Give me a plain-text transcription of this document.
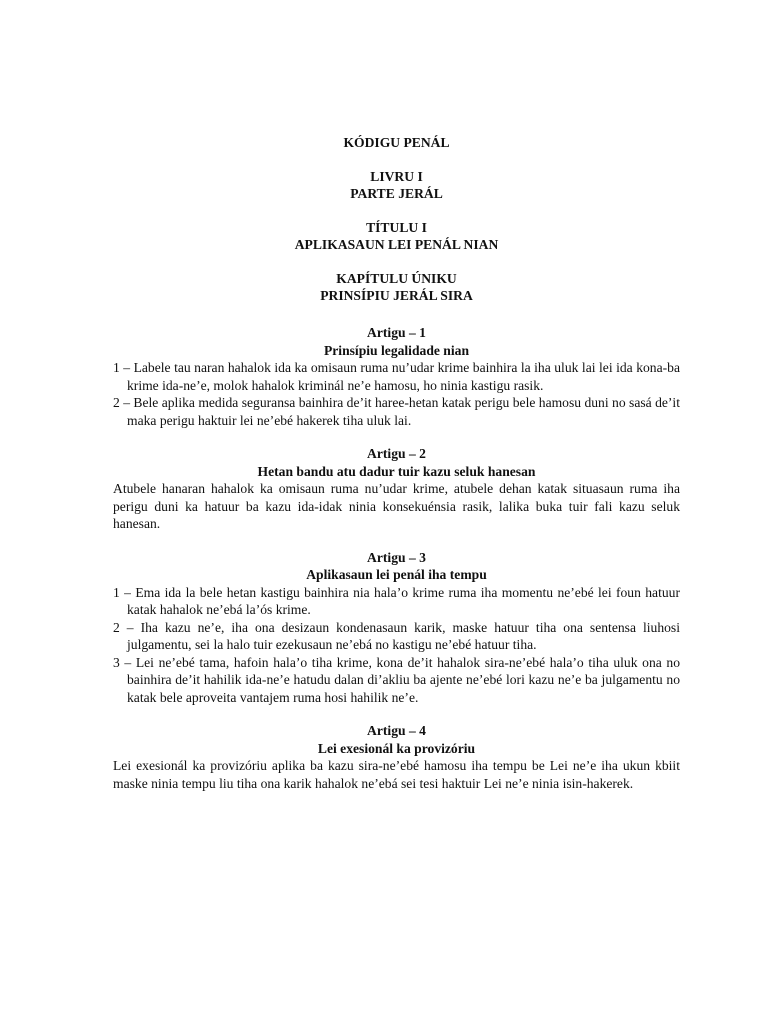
KÓDIGU PENÁL

LIVRU I

PARTE JERÁL

TÍTULU I

APLIKASAUN LEI PENÁL NIAN

KAPÍTULU ÚNIKU

PRINSÍPIU JERÁL SIRA

Artigu – 1

Prinsípiu legalidade nian

1 – Labele tau naran hahalok ida ka omisaun ruma nu’udar krime bainhira la iha uluk lai lei ida kona-ba krime ida-ne’e, molok hahalok kriminál ne’e hamosu, ho ninia kastigu rasik.

2 – Bele aplika medida seguransa bainhira de’it haree-hetan katak perigu bele hamosu duni no sasá de’it maka perigu haktuir lei ne’ebé hakerek tiha uluk lai.

Artigu – 2

Hetan bandu atu dadur tuir kazu seluk hanesan

Atubele hanaran hahalok ka omisaun ruma nu’udar krime, atubele dehan katak situasaun ruma iha perigu duni ka hatuur ba kazu ida-idak ninia konsekuénsia rasik, lalika buka tuir fali kazu seluk hanesan.

Artigu – 3

Aplikasaun lei penál iha tempu

1 – Ema ida la bele hetan kastigu bainhira nia hala’o krime ruma iha momentu ne’ebé lei foun hatuur katak hahalok ne’ebá la’ós krime.

2 – Iha kazu ne’e, iha ona desizaun kondenasaun karik, maske hatuur tiha ona sentensa liuhosi julgamentu, sei la halo tuir ezekusaun ne’ebá no kastigu ne’ebé hatuur tiha.

3 – Lei ne’ebé tama, hafoin hala’o tiha krime, kona de’it hahalok sira-ne’ebé hala’o tiha uluk ona no bainhira de’it hahilik ida-ne’e hatudu dalan di’akliu ba ajente ne’ebé lori kazu ne’e ba julgamentu no katak bele aproveita vantajem ruma hosi hahilik ne’e.

Artigu – 4

Lei exesionál ka provizóriu

Lei exesionál ka provizóriu aplika ba kazu sira-ne’ebé hamosu iha tempu be Lei ne’e iha ukun kbiit maske ninia tempu liu tiha ona karik hahalok ne’ebá sei tesi haktuir Lei ne’e ninia isin-hakerek.
